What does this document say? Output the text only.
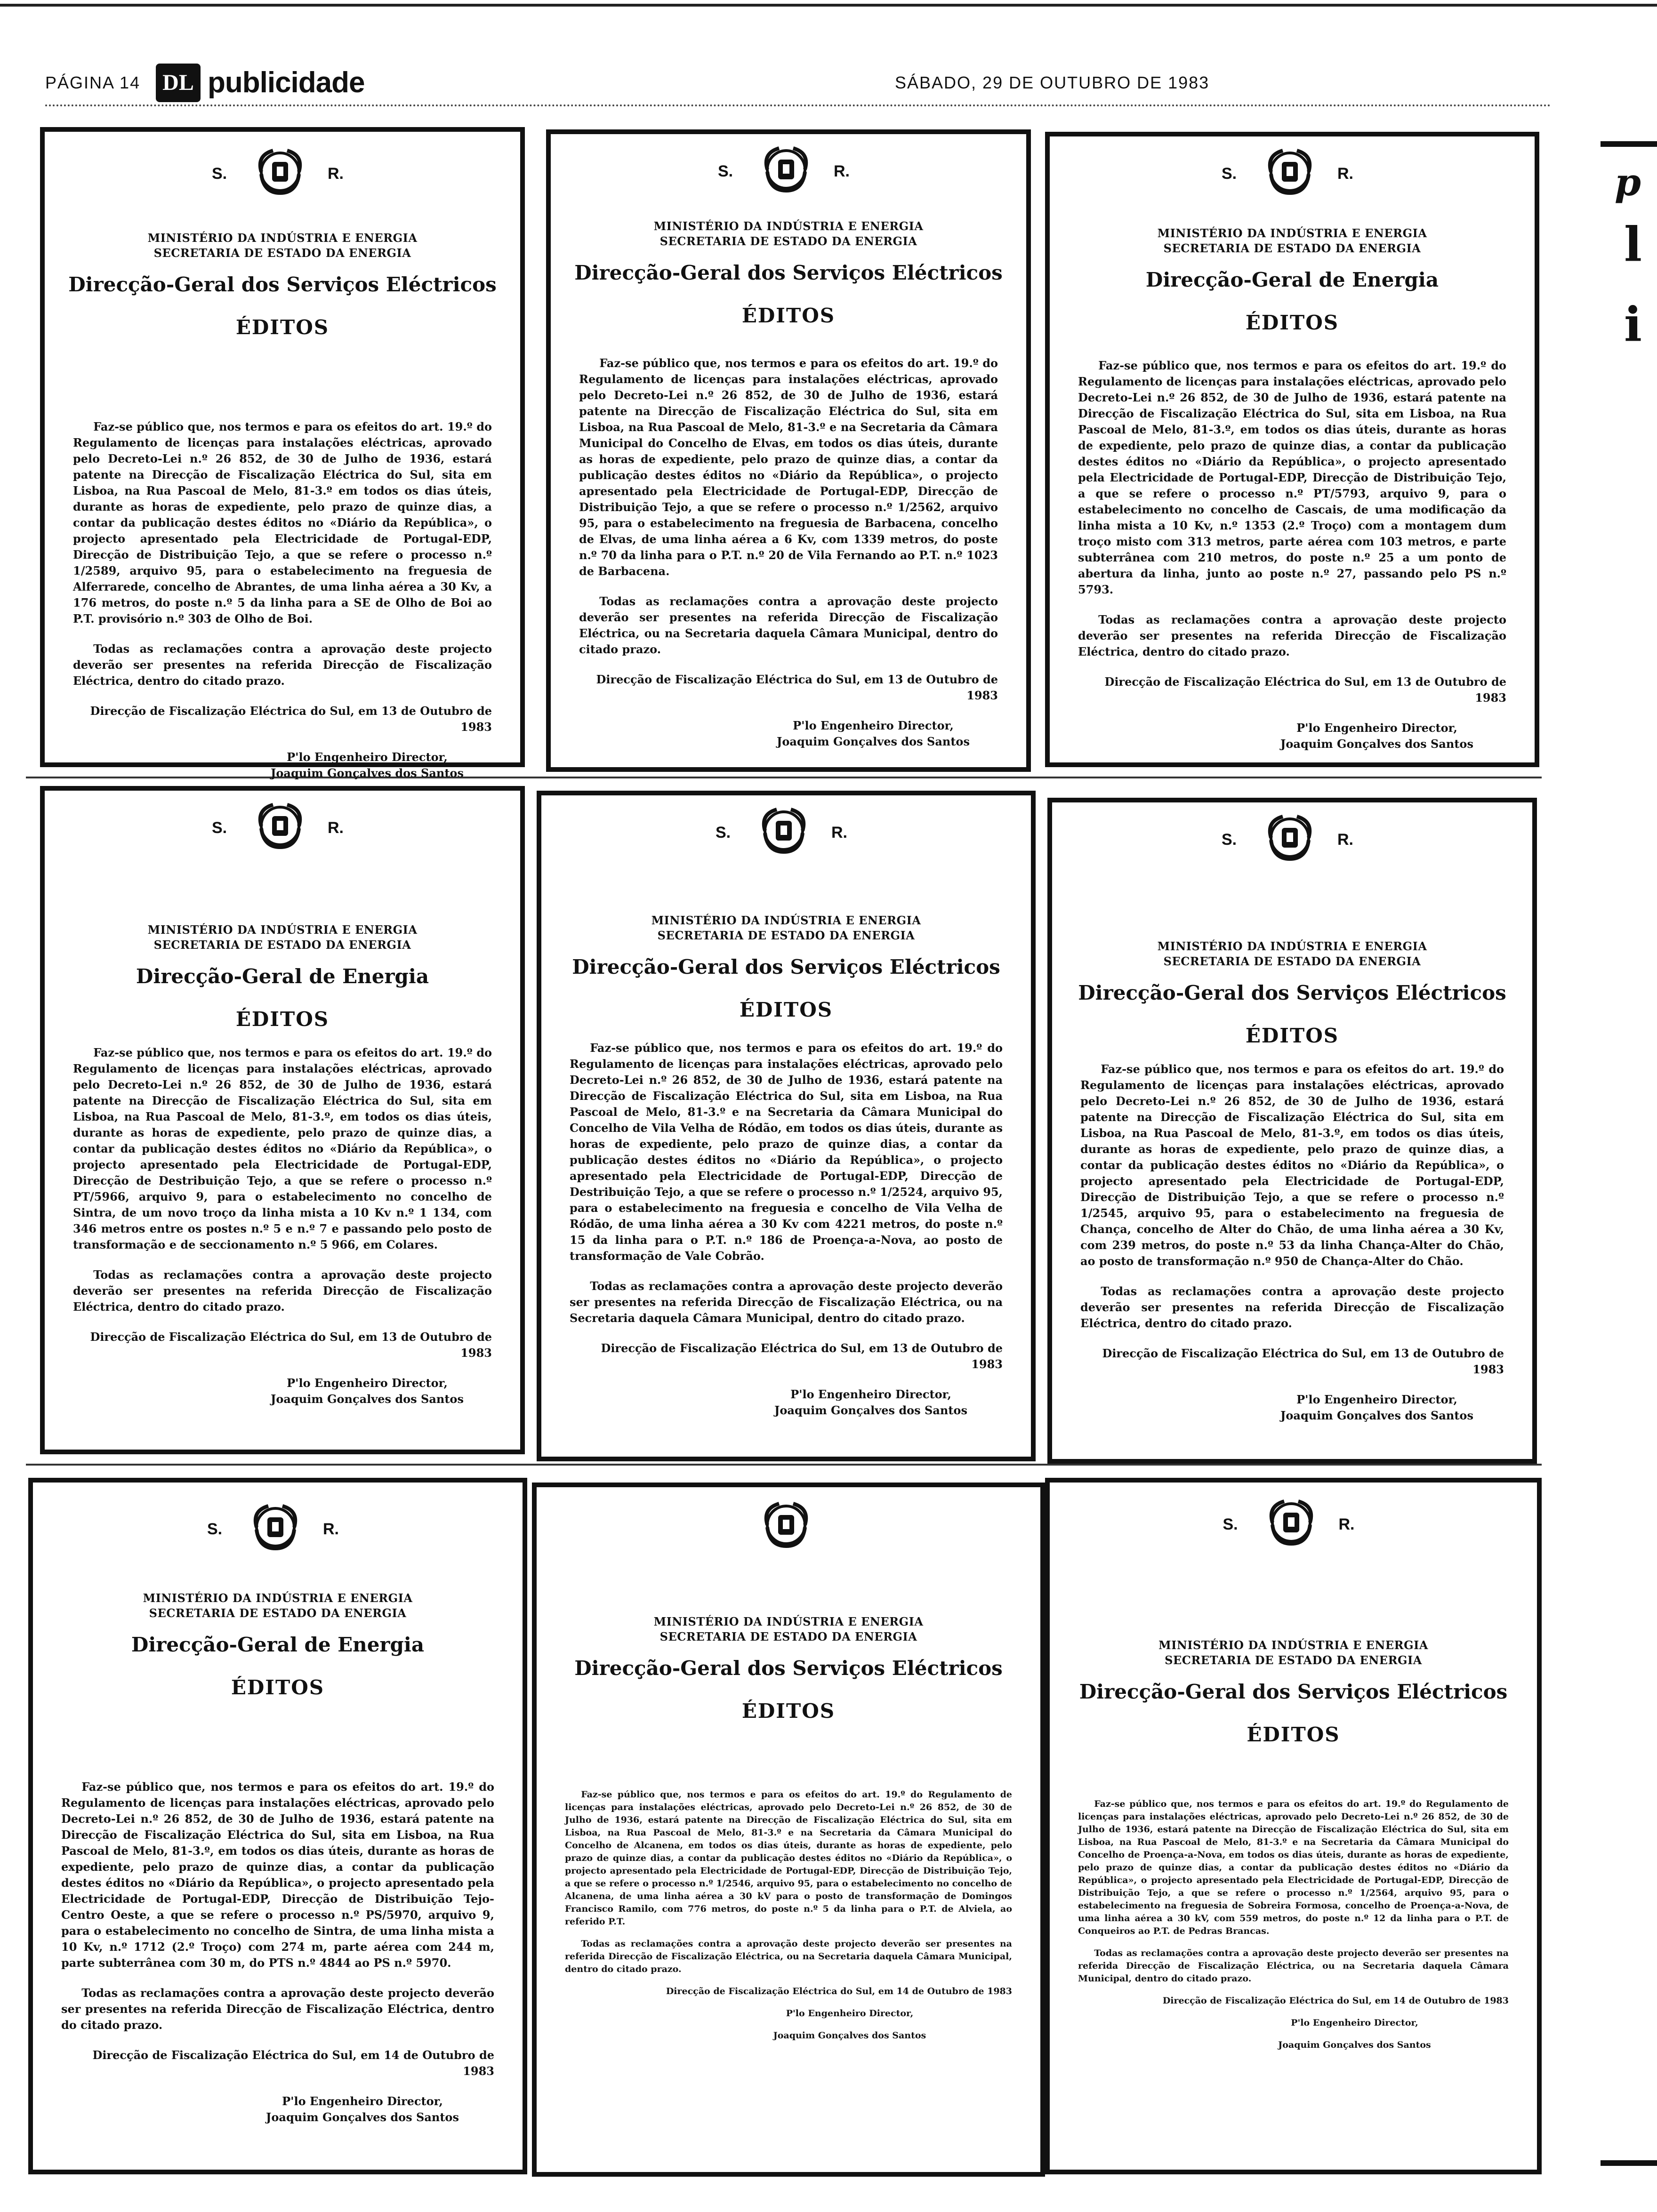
PÁGINA 14 DL publicidade	SÁBADO, 29 DE OUTUBRO DE 1983
S.	R.
MINISTÉRIO DA INDÚSTRIA E ENERGIA
SECRETARIA DE ESTADO DA ENERGIA
Direcção-Geral dos Serviços Eléctricos
ÉDITOS

Faz-se público que, nos termos e para os efeitos do art. 19.º do Regulamento de licenças para instalações eléctricas, aprovado pelo Decreto-Lei n.º 26 852, de 30 de Julho de 1936, estará patente na Direcção de Fiscalização Eléctrica do Sul, sita em Lisboa, na Rua Pascoal de Melo, 81-3.º em todos os dias úteis, durante as horas de expediente, pelo prazo de quinze dias, a contar da publicação destes éditos no «Diário da República», o projecto apresentado pela Electricidade de Portugal-EDP, Direcção de Distribuição Tejo, a que se refere o processo n.º 1/2589, arquivo 95, para o estabelecimento na freguesia de Alferrarede, concelho de Abrantes, de uma linha aérea a 30 Kv, a 176 metros, do poste n.º 5 da linha para a SE de Olho de Boi ao P.T. provisório n.º 303 de Olho de Boi.

Todas as reclamações contra a aprovação deste projecto deverão ser presentes na referida Direcção de Fiscalização Eléctrica, dentro do citado prazo.

Direcção de Fiscalização Eléctrica do Sul, em 13 de Outubro de 1983

P'lo Engenheiro Director,

Joaquim Gonçalves dos Santos

S.	R.
MINISTÉRIO DA INDÚSTRIA E ENERGIA
SECRETARIA DE ESTADO DA ENERGIA
Direcção-Geral dos Serviços Eléctricos
ÉDITOS

Faz-se público que, nos termos e para os efeitos do art. 19.º do Regulamento de licenças para instalações eléctricas, aprovado pelo Decreto-Lei n.º 26 852, de 30 de Julho de 1936, estará patente na Direcção de Fiscalização Eléctrica do Sul, sita em Lisboa, na Rua Pascoal de Melo, 81-3.º e na Secretaria da Câmara Municipal do Concelho de Elvas, em todos os dias úteis, durante as horas de expediente, pelo prazo de quinze dias, a contar da publicação destes éditos no «Diário da República», o projecto apresentado pela Electricidade de Portugal-EDP, Direcção de Distribuição Tejo, a que se refere o processo n.º 1/2562, arquivo 95, para o estabelecimento na freguesia de Barbacena, concelho de Elvas, de uma linha aérea a 6 Kv, com 1339 metros, do poste n.º 70 da linha para o P.T. n.º 20 de Vila Fernando ao P.T. n.º 1023 de Barbacena.

Todas as reclamações contra a aprovação deste projecto deverão ser presentes na referida Direcção de Fiscalização Eléctrica, ou na Secretaria daquela Câmara Municipal, dentro do citado prazo.

Direcção de Fiscalização Eléctrica do Sul, em 13 de Outubro de 1983

P'lo Engenheiro Director,

Joaquim Gonçalves dos Santos

S.	R.
MINISTÉRIO DA INDÚSTRIA E ENERGIA
SECRETARIA DE ESTADO DA ENERGIA
Direcção-Geral de Energia
ÉDITOS

Faz-se público que, nos termos e para os efeitos do art. 19.º do Regulamento de licenças para instalações eléctricas, aprovado pelo Decreto-Lei n.º 26 852, de 30 de Julho de 1936, estará patente na Direcção de Fiscalização Eléctrica do Sul, sita em Lisboa, na Rua Pascoal de Melo, 81-3.º, em todos os dias úteis, durante as horas de expediente, pelo prazo de quinze dias, a contar da publicação destes éditos no «Diário da República», o projecto apresentado pela Electricidade de Portugal-EDP, Direcção de Distribuição Tejo, a que se refere o processo n.º PT/5793, arquivo 9, para o estabelecimento no concelho de Cascais, de uma modificação da linha mista a 10 Kv, n.º 1353 (2.º Troço) com a montagem dum troço misto com 313 metros, parte aérea com 103 metros, e parte subterrânea com 210 metros, do poste n.º 25 a um ponto de abertura da linha, junto ao poste n.º 27, passando pelo PS n.º 5793.

Todas as reclamações contra a aprovação deste projecto deverão ser presentes na referida Direcção de Fiscalização Eléctrica, dentro do citado prazo.

Direcção de Fiscalização Eléctrica do Sul, em 13 de Outubro de 1983

P'lo Engenheiro Director,

Joaquim Gonçalves dos Santos

S.	R.
MINISTÉRIO DA INDÚSTRIA E ENERGIA
SECRETARIA DE ESTADO DA ENERGIA
Direcção-Geral de Energia
ÉDITOS

Faz-se público que, nos termos e para os efeitos do art. 19.º do Regulamento de licenças para instalações eléctricas, aprovado pelo Decreto-Lei n.º 26 852, de 30 de Julho de 1936, estará patente na Direcção de Fiscalização Eléctrica do Sul, sita em Lisboa, na Rua Pascoal de Melo, 81-3.º, em todos os dias úteis, durante as horas de expediente, pelo prazo de quinze dias, a contar da publicação destes éditos no «Diário da República», o projecto apresentado pela Electricidade de Portugal-EDP, Direcção de Destribuição Tejo, a que se refere o processo n.º PT/5966, arquivo 9, para o estabelecimento no concelho de Sintra, de um novo troço da linha mista a 10 Kv n.º 1 134, com 346 metros entre os postes n.º 5 e n.º 7 e passando pelo posto de transformação e de seccionamento n.º 5 966, em Colares.

Todas as reclamações contra a aprovação deste projecto deverão ser presentes na referida Direcção de Fiscalização Eléctrica, dentro do citado prazo.

Direcção de Fiscalização Eléctrica do Sul, em 13 de Outubro de 1983

P'lo Engenheiro Director,

Joaquim Gonçalves dos Santos

S.	R.
MINISTÉRIO DA INDÚSTRIA E ENERGIA
SECRETARIA DE ESTADO DA ENERGIA
Direcção-Geral dos Serviços Eléctricos
ÉDITOS

Faz-se público que, nos termos e para os efeitos do art. 19.º do Regulamento de licenças para instalações eléctricas, aprovado pelo Decreto-Lei n.º 26 852, de 30 de Julho de 1936, estará patente na Direcção de Fiscalização Eléctrica do Sul, sita em Lisboa, na Rua Pascoal de Melo, 81-3.º e na Secretaria da Câmara Municipal do Concelho de Vila Velha de Ródão, em todos os dias úteis, durante as horas de expediente, pelo prazo de quinze dias, a contar da publicação destes éditos no «Diário da República», o projecto apresentado pela Electricidade de Portugal-EDP, Direcção de Destribuição Tejo, a que se refere o processo n.º 1/2524, arquivo 95, para o estabelecimento na freguesia e concelho de Vila Velha de Ródão, de uma linha aérea a 30 Kv com 4221 metros, do poste n.º 15 da linha para o P.T. n.º 186 de Proença-a-Nova, ao posto de transformação de Vale Cobrão.

Todas as reclamações contra a aprovação deste projecto deverão ser presentes na referida Direcção de Fiscalização Eléctrica, ou na Secretaria daquela Câmara Municipal, dentro do citado prazo.

Direcção de Fiscalização Eléctrica do Sul, em 13 de Outubro de 1983

P'lo Engenheiro Director,

Joaquim Gonçalves dos Santos

S.	R.
MINISTÉRIO DA INDÚSTRIA E ENERGIA
SECRETARIA DE ESTADO DA ENERGIA
Direcção-Geral dos Serviços Eléctricos
ÉDITOS

Faz-se público que, nos termos e para os efeitos do art. 19.º do Regulamento de licenças para instalações eléctricas, aprovado pelo Decreto-Lei n.º 26 852, de 30 de Julho de 1936, estará patente na Direcção de Fiscalização Eléctrica do Sul, sita em Lisboa, na Rua Pascoal de Melo, 81-3.º, em todos os dias úteis, durante as horas de expediente, pelo prazo de quinze dias, a contar da publicação destes éditos no «Diário da República», o projecto apresentado pela Electricidade de Portugal-EDP, Direcção de Distribuição Tejo, a que se refere o processo n.º 1/2545, arquivo 95, para o estabelecimento na freguesia de Chança, concelho de Alter do Chão, de uma linha aérea a 30 Kv, com 239 metros, do poste n.º 53 da linha Chança-Alter do Chão, ao posto de transformação n.º 950 de Chança-Alter do Chão.

Todas as reclamações contra a aprovação deste projecto deverão ser presentes na referida Direcção de Fiscalização Eléctrica, dentro do citado prazo.

Direcção de Fiscalização Eléctrica do Sul, em 13 de Outubro de 1983

P'lo Engenheiro Director,

Joaquim Gonçalves dos Santos

S.	R.
MINISTÉRIO DA INDÚSTRIA E ENERGIA
SECRETARIA DE ESTADO DA ENERGIA
Direcção-Geral de Energia
ÉDITOS

Faz-se público que, nos termos e para os efeitos do art. 19.º do Regulamento de licenças para instalações eléctricas, aprovado pelo Decreto-Lei n.º 26 852, de 30 de Julho de 1936, estará patente na Direcção de Fiscalização Eléctrica do Sul, sita em Lisboa, na Rua Pascoal de Melo, 81-3.º, em todos os dias úteis, durante as horas de expediente, pelo prazo de quinze dias, a contar da publicação destes éditos no «Diário da República», o projecto apresentado pela Electricidade de Portugal-EDP, Direcção de Distribuição Tejo-Centro Oeste, a que se refere o processo n.º PS/5970, arquivo 9, para o estabelecimento no concelho de Sintra, de uma linha mista a 10 Kv, n.º 1712 (2.º Troço) com 274 m, parte aérea com 244 m, parte subterrânea com 30 m, do PTS n.º 4844 ao PS n.º 5970.

Todas as reclamações contra a aprovação deste projecto deverão ser presentes na referida Direcção de Fiscalização Eléctrica, dentro do citado prazo.

Direcção de Fiscalização Eléctrica do Sul, em 14 de Outubro de 1983

P'lo Engenheiro Director,

Joaquim Gonçalves dos Santos

MINISTÉRIO DA INDÚSTRIA E ENERGIA
SECRETARIA DE ESTADO DA ENERGIA
Direcção-Geral dos Serviços Eléctricos
ÉDITOS

Faz-se público que, nos termos e para os efeitos do art. 19.º do Regulamento de licenças para instalações eléctricas, aprovado pelo Decreto-Lei n.º 26 852, de 30 de Julho de 1936, estará patente na Direcção de Fiscalização Eléctrica do Sul, sita em Lisboa, na Rua Pascoal de Melo, 81-3.º e na Secretaria da Câmara Municipal do Concelho de Alcanena, em todos os dias úteis, durante as horas de expediente, pelo prazo de quinze dias, a contar da publicação destes éditos no «Diário da República», o projecto apresentado pela Electricidade de Portugal-EDP, Direcção de Distribuição Tejo, a que se refere o processo n.º 1/2546, arquivo 95, para o estabelecimento no concelho de Alcanena, de uma linha aérea a 30 kV para o posto de transformação de Domingos Francisco Ramilo, com 776 metros, do poste n.º 5 da linha para o P.T. de Alviela, ao referido P.T.

Todas as reclamações contra a aprovação deste projecto deverão ser presentes na referida Direcção de Fiscalização Eléctrica, ou na Secretaria daquela Câmara Municipal, dentro do citado prazo.

Direcção de Fiscalização Eléctrica do Sul, em 14 de Outubro de 1983

P'lo Engenheiro Director,

Joaquim Gonçalves dos Santos

S.	R.
MINISTÉRIO DA INDÚSTRIA E ENERGIA
SECRETARIA DE ESTADO DA ENERGIA
Direcção-Geral dos Serviços Eléctricos
ÉDITOS

Faz-se público que, nos termos e para os efeitos do art. 19.º do Regulamento de licenças para instalações eléctricas, aprovado pelo Decreto-Lei n.º 26 852, de 30 de Julho de 1936, estará patente na Direcção de Fiscalização Eléctrica do Sul, sita em Lisboa, na Rua Pascoal de Melo, 81-3.º e na Secretaria da Câmara Municipal do Concelho de Proença-a-Nova, em todos os dias úteis, durante as horas de expediente, pelo prazo de quinze dias, a contar da publicação destes éditos no «Diário da República», o projecto apresentado pela Electricidade de Portugal-EDP, Direcção de Distribuição Tejo, a que se refere o processo n.º 1/2564, arquivo 95, para o estabelecimento na freguesia de Sobreira Formosa, concelho de Proença-a-Nova, de uma linha aérea a 30 kV, com 559 metros, do poste n.º 12 da linha para o P.T. de Conqueiros ao P.T. de Pedras Brancas.

Todas as reclamações contra a aprovação deste projecto deverão ser presentes na referida Direcção de Fiscalização Eléctrica, ou na Secretaria daquela Câmara Municipal, dentro do citado prazo.

Direcção de Fiscalização Eléctrica do Sul, em 14 de Outubro de 1983

P'lo Engenheiro Director,

Joaquim Gonçalves dos Santos

p
l
i
